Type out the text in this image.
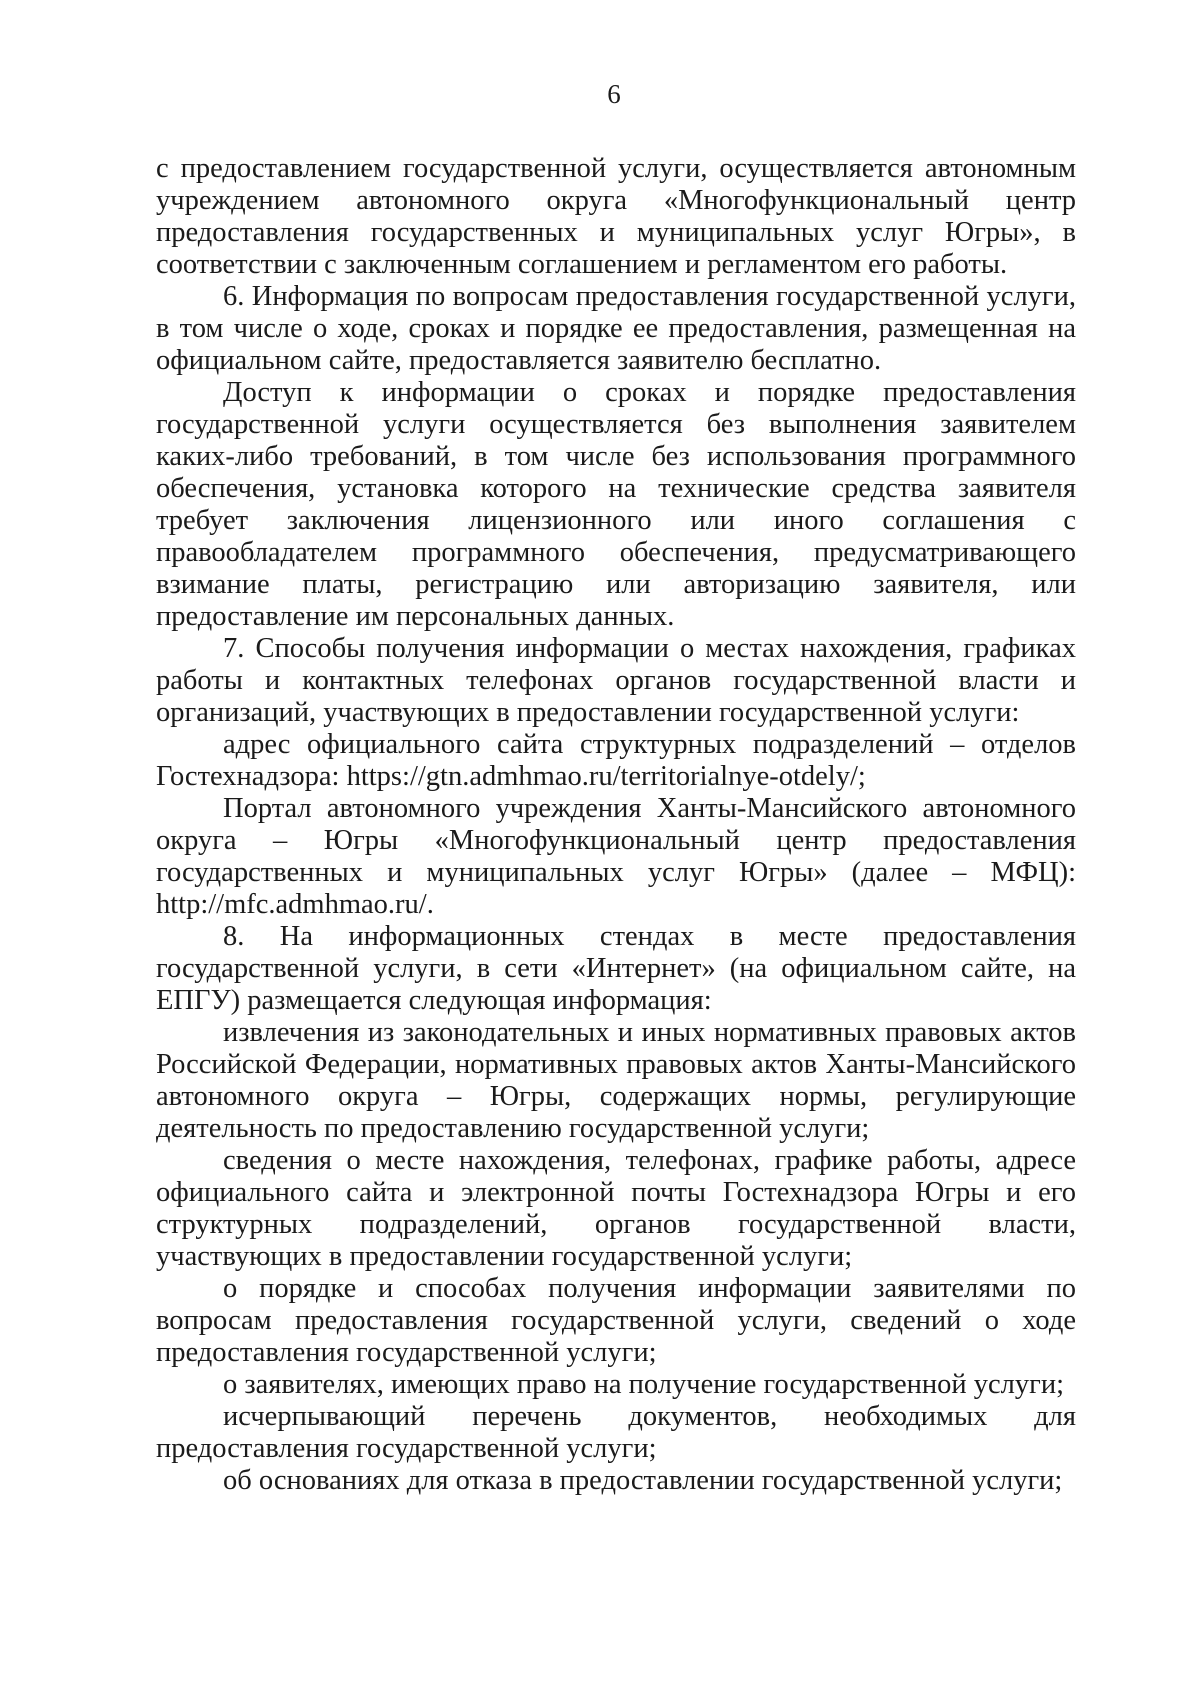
6

с предоставлением государственной услуги, осуществляется автономным учреждением автономного округа «Многофункциональный центр предоставления государственных и муниципальных услуг Югры», в соответствии с заключенным соглашением и регламентом его работы.

6. Информация по вопросам предоставления государственной услуги, в том числе о ходе, сроках и порядке ее предоставления, размещенная на официальном сайте, предоставляется заявителю бесплатно.

Доступ к информации о сроках и порядке предоставления государственной услуги осуществляется без выполнения заявителем каких-либо требований, в том числе без использования программного обеспечения, установка которого на технические средства заявителя требует заключения лицензионного или иного соглашения с правообладателем программного обеспечения, предусматривающего взимание платы, регистрацию или авторизацию заявителя, или предоставление им персональных данных.

7. Способы получения информации о местах нахождения, графиках работы и контактных телефонах органов государственной власти и организаций, участвующих в предоставлении государственной услуги:

адрес официального сайта структурных подразделений – отделов Гостехнадзора: https://gtn.admhmao.ru/territorialnye-otdely/;

Портал автономного учреждения Ханты-Мансийского автономного округа – Югры «Многофункциональный центр предоставления государственных и муниципальных услуг Югры» (далее – МФЦ): http://mfc.admhmao.ru/.

8. На информационных стендах в месте предоставления государственной услуги, в сети «Интернет» (на официальном сайте, на ЕПГУ) размещается следующая информация:

извлечения из законодательных и иных нормативных правовых актов Российской Федерации, нормативных правовых актов Ханты-Мансийского автономного округа – Югры, содержащих нормы, регулирующие деятельность по предоставлению государственной услуги;

сведения о месте нахождения, телефонах, графике работы, адресе официального сайта и электронной почты Гостехнадзора Югры и его структурных подразделений, органов государственной власти, участвующих в предоставлении государственной услуги;

о порядке и способах получения информации заявителями по вопросам предоставления государственной услуги, сведений о ходе предоставления государственной услуги;

о заявителях, имеющих право на получение государственной услуги;

исчерпывающий перечень документов, необходимых для предоставления государственной услуги;

об основаниях для отказа в предоставлении государственной услуги;
